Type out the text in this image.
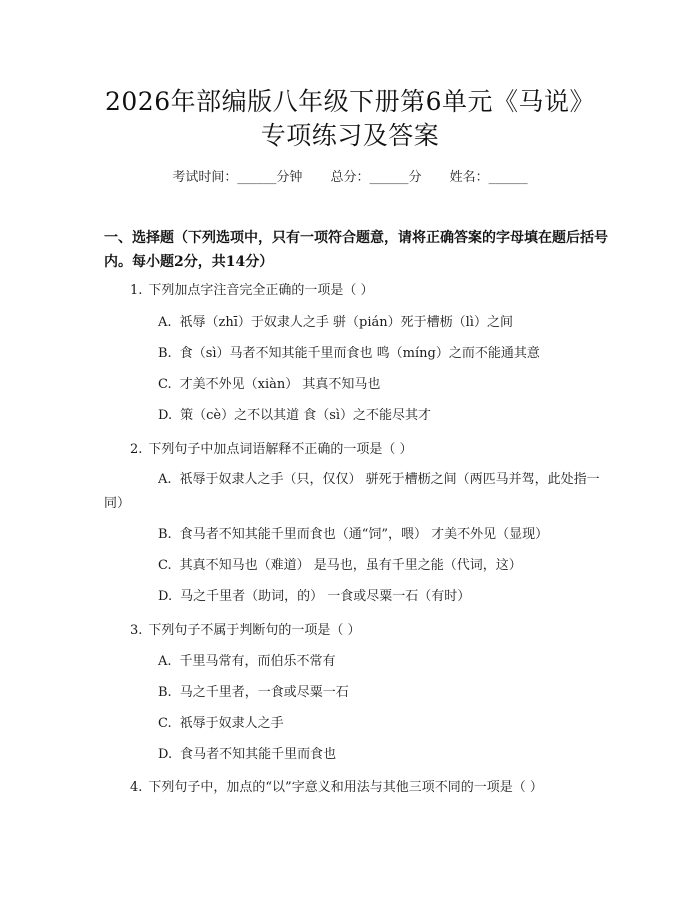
2026年部编版八年级下册第6单元《马说》
专项练习及答案
考试时间：______分钟 总分：______分 姓名：______
一、选择题（下列选项中，只有一项符合题意，请将正确答案的字母填在题后括号内。每小题2分，共14分）
1. 下列加点字注音完全正确的一项是（ ）
A. 祇辱（zhī）于奴隶人之手 骈（pián）死于槽枥（lì）之间
B. 食（sì）马者不知其能千里而食也 鸣（míng）之而不能通其意
C. 才美不外见（xiàn） 其真不知马也
D. 策（cè）之不以其道 食（sì）之不能尽其才
2. 下列句子中加点词语解释不正确的一项是（ ）
A. 祇辱于奴隶人之手（只，仅仅） 骈死于槽枥之间（两匹马并驾，此处指一同）
B. 食马者不知其能千里而食也（通“饲”，喂） 才美不外见（显现）
C. 其真不知马也（难道） 是马也，虽有千里之能（代词，这）
D. 马之千里者（助词，的） 一食或尽粟一石（有时）
3. 下列句子不属于判断句的一项是（ ）
A. 千里马常有，而伯乐不常有
B. 马之千里者，一食或尽粟一石
C. 祇辱于奴隶人之手
D. 食马者不知其能千里而食也
4. 下列句子中，加点的“以”字意义和用法与其他三项不同的一项是（ ）
